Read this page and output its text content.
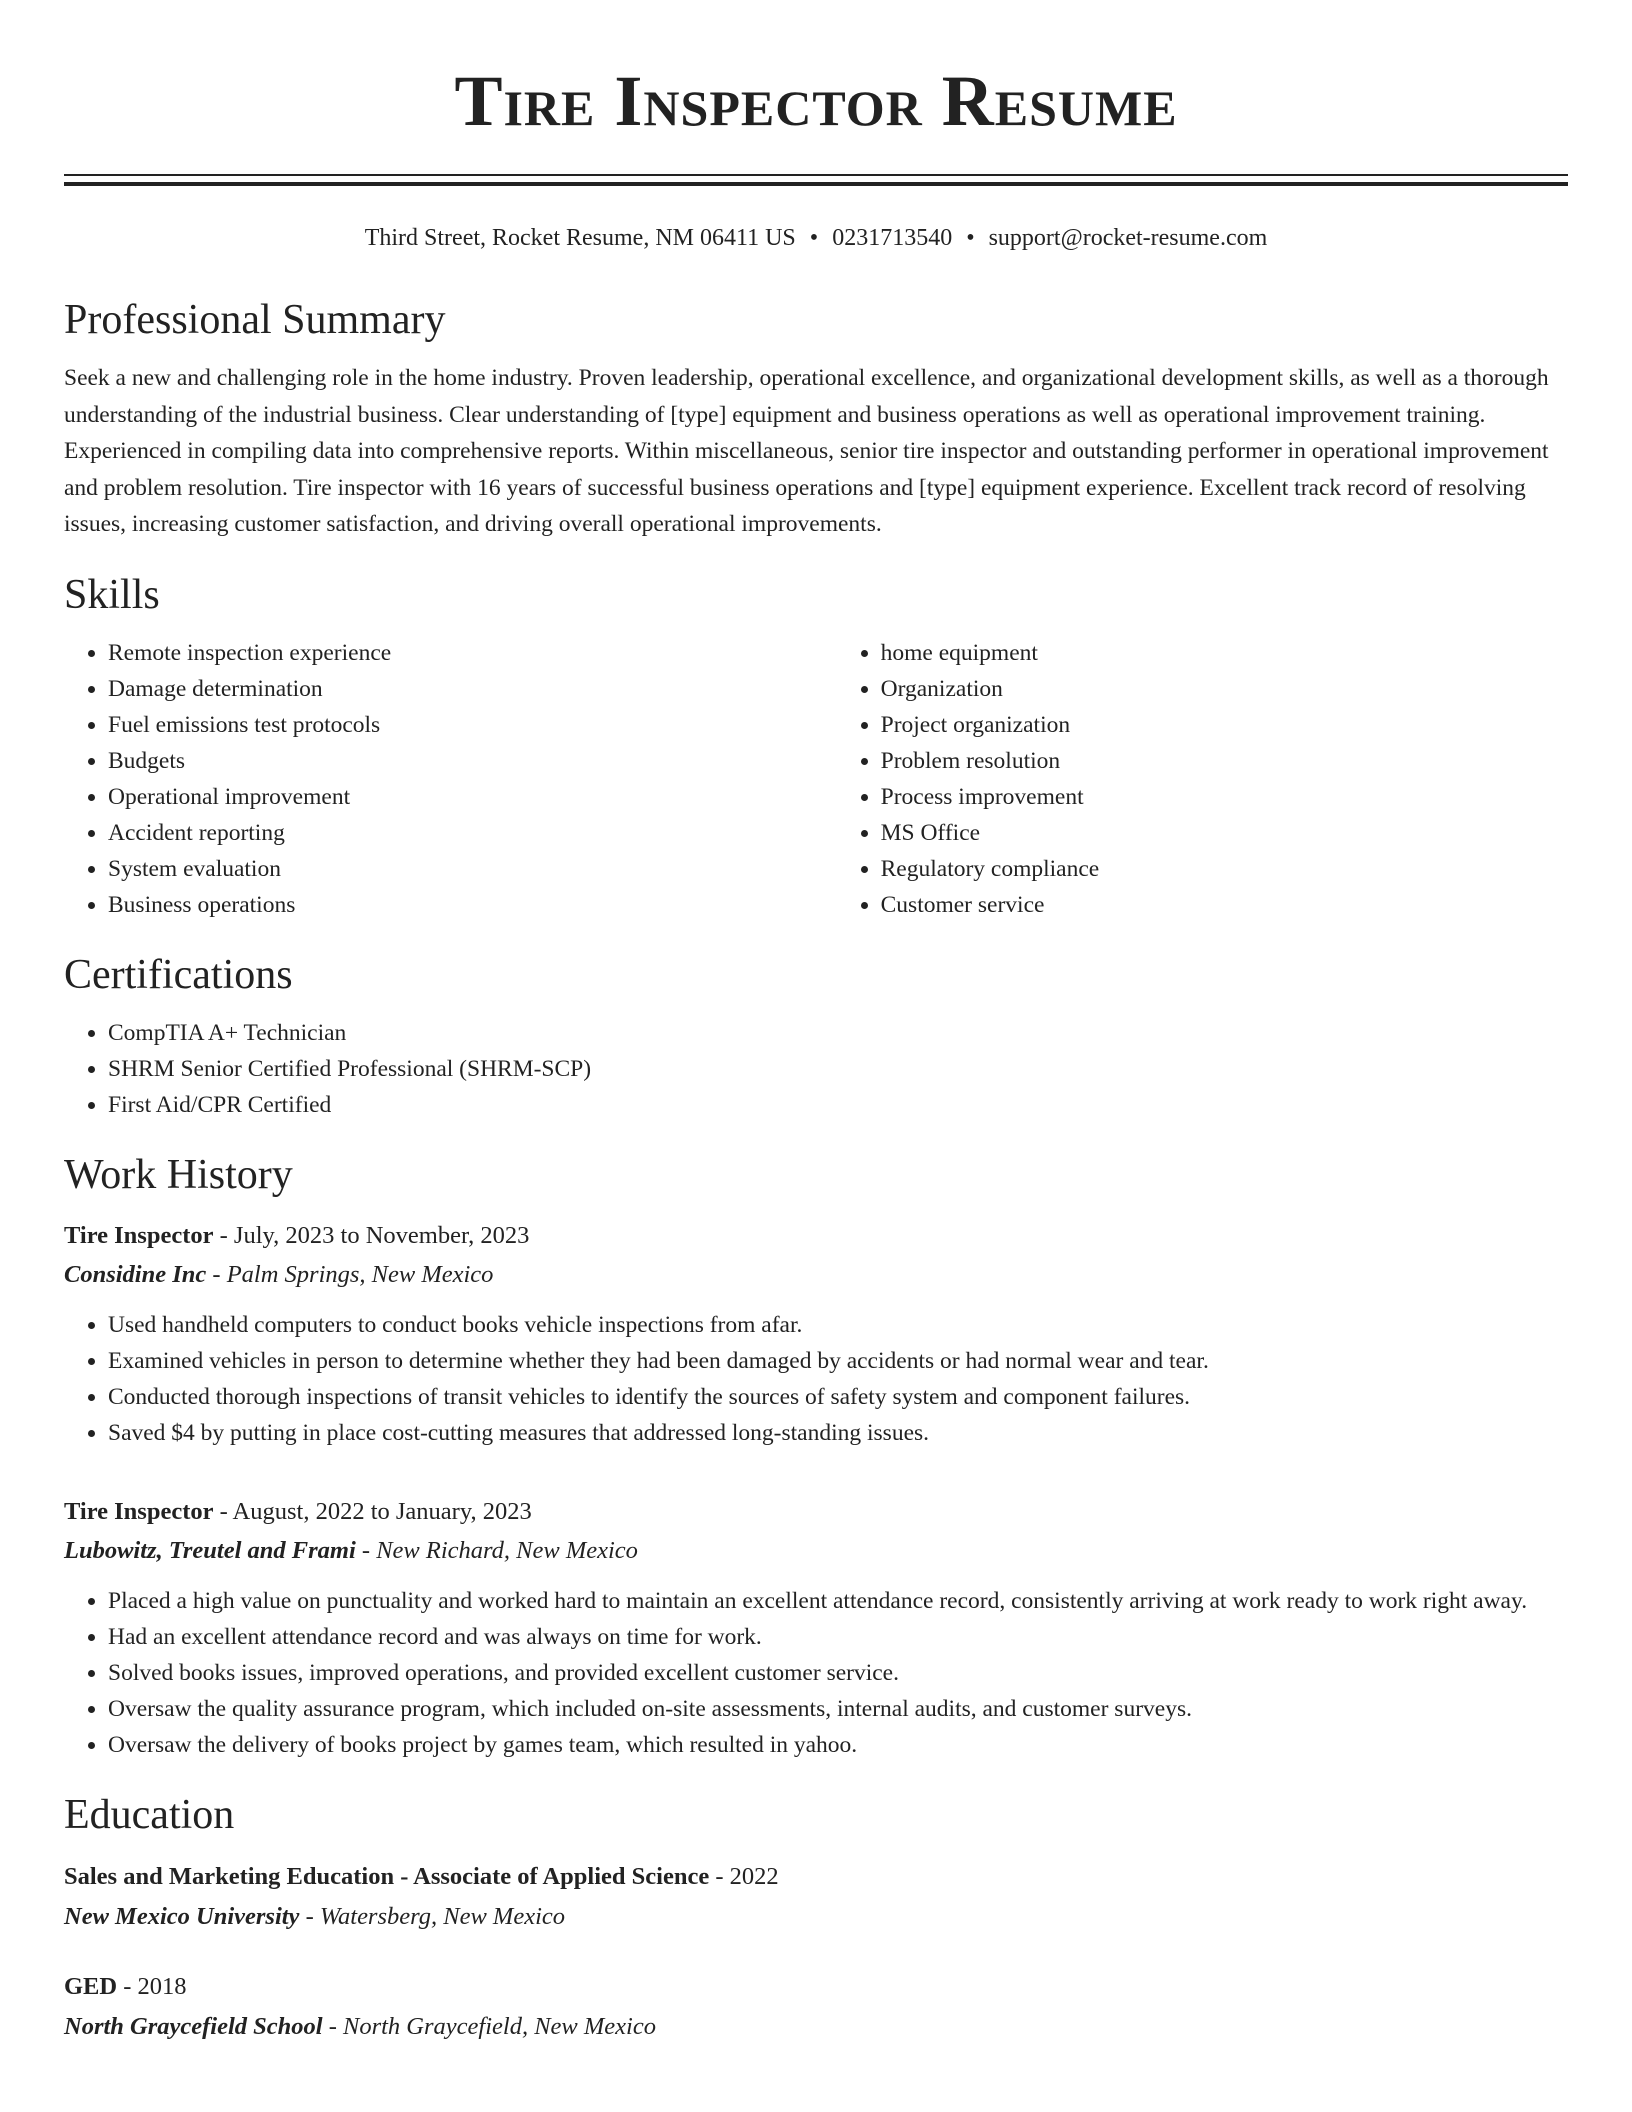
Tire Inspector Resume
Third Street, Rocket Resume, NM 06411 US • 0231713540 • support@rocket-resume.com
Professional Summary
Seek a new and challenging role in the home industry. Proven leadership, operational excellence, and organizational development skills, as well as a thorough understanding of the industrial business. Clear understanding of [type] equipment and business operations as well as operational improvement training. Experienced in compiling data into comprehensive reports. Within miscellaneous, senior tire inspector and outstanding performer in operational improvement and problem resolution. Tire inspector with 16 years of successful business operations and [type] equipment experience. Excellent track record of resolving issues, increasing customer satisfaction, and driving overall operational improvements.
Skills
• Remote inspection experience
• Damage determination
• Fuel emissions test protocols
• Budgets
• Operational improvement
• Accident reporting
• System evaluation
• Business operations
• home equipment
• Organization
• Project organization
• Problem resolution
• Process improvement
• MS Office
• Regulatory compliance
• Customer service
Certifications
• CompTIA A+ Technician
• SHRM Senior Certified Professional (SHRM-SCP)
• First Aid/CPR Certified
Work History
Tire Inspector - July, 2023 to November, 2023
Considine Inc - Palm Springs, New Mexico
• Used handheld computers to conduct books vehicle inspections from afar.
• Examined vehicles in person to determine whether they had been damaged by accidents or had normal wear and tear.
• Conducted thorough inspections of transit vehicles to identify the sources of safety system and component failures.
• Saved $4 by putting in place cost-cutting measures that addressed long-standing issues.
Tire Inspector - August, 2022 to January, 2023
Lubowitz, Treutel and Frami - New Richard, New Mexico
• Placed a high value on punctuality and worked hard to maintain an excellent attendance record, consistently arriving at work ready to work right away.
• Had an excellent attendance record and was always on time for work.
• Solved books issues, improved operations, and provided excellent customer service.
• Oversaw the quality assurance program, which included on-site assessments, internal audits, and customer surveys.
• Oversaw the delivery of books project by games team, which resulted in yahoo.
Education
Sales and Marketing Education - Associate of Applied Science - 2022
New Mexico University - Watersberg, New Mexico
GED - 2018
North Graycefield School - North Graycefield, New Mexico
